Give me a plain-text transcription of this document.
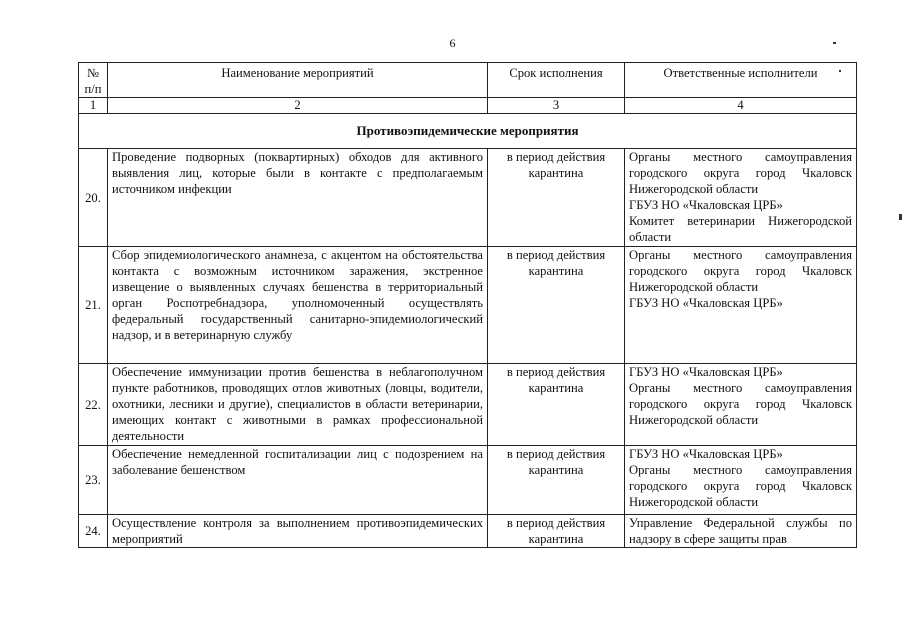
6
№ п/п	Наименование мероприятий	Срок исполнения	Ответственные исполнители
1	2	3	4
Противоэпидемические мероприятия			
20.	Проведение подворных (поквартирных) обходов для активного выявления лиц, которые были в контакте с предполагаемым источником инфекции	в период действия карантина	Органы местного самоуправления городского округа город Чкаловск Нижегородской области
ГБУЗ НО «Чкаловская ЦРБ»
Комитет ветеринарии Нижегородской области

21.	Сбор эпидемиологического анамнеза, с акцентом на обстоятельства контакта с возможным источником заражения, экстренное извещение о выявленных случаях бешенства в территориальный орган Роспотребнадзора, уполномоченный осуществлять федеральный государственный санитарно-эпидемиологический надзор, и в ветеринарную службу	в период действия карантина	Органы местного самоуправления городского округа город Чкаловск Нижегородской области
ГБУЗ НО «Чкаловская ЦРБ»

22.	Обеспечение иммунизации против бешенства в неблагополучном пункте работников, проводящих отлов животных (ловцы, водители, охотники, лесники и другие), специалистов в области ветеринарии, имеющих контакт с животными в рамках профессиональной деятельности	в период действия карантина	ГБУЗ НО «Чкаловская ЦРБ»
Органы местного самоуправления городского округа город Чкаловск Нижегородской области

23.	Обеспечение немедленной госпитализации лиц с подозрением на заболевание бешенством	в период действия карантина	ГБУЗ НО «Чкаловская ЦРБ»
Органы местного самоуправления городского округа город Чкаловск Нижегородской области

24.	Осуществление контроля за выполнением противоэпидемических мероприятий	в период действия карантина	Управление Федеральной службы по надзору в сфере защиты прав
